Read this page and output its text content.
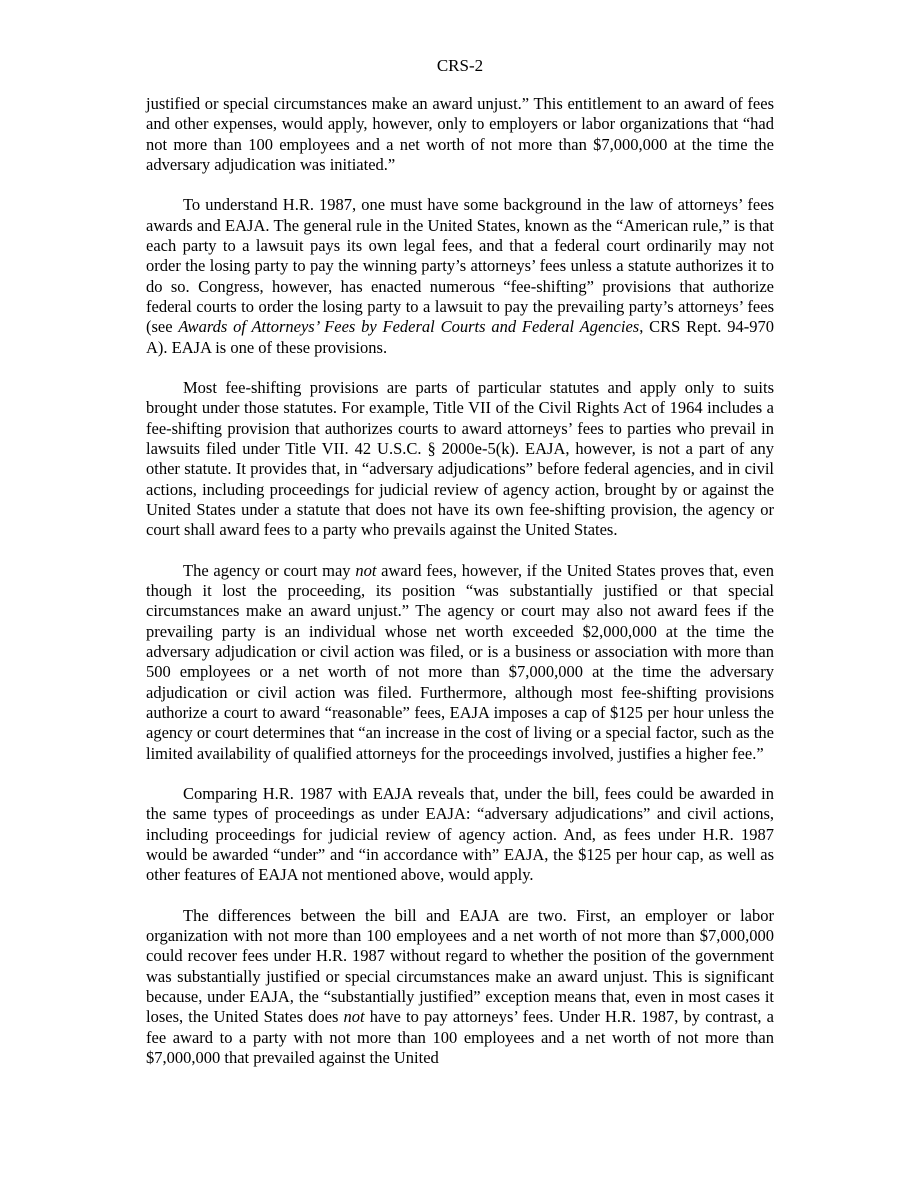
CRS-2

justified or special circumstances make an award unjust.” This entitlement to an award of fees and other expenses, would apply, however, only to employers or labor organizations that “had not more than 100 employees and a net worth of not more than $7,000,000 at the time the adversary adjudication was initiated.”

To understand H.R. 1987, one must have some background in the law of attorneys’ fees awards and EAJA. The general rule in the United States, known as the “American rule,” is that each party to a lawsuit pays its own legal fees, and that a federal court ordinarily may not order the losing party to pay the winning party’s attorneys’ fees unless a statute authorizes it to do so. Congress, however, has enacted numerous “fee-shifting” provisions that authorize federal courts to order the losing party to a lawsuit to pay the prevailing party’s attorneys’ fees (see Awards of Attorneys’ Fees by Federal Courts and Federal Agencies, CRS Rept. 94-970 A). EAJA is one of these provisions.

Most fee-shifting provisions are parts of particular statutes and apply only to suits brought under those statutes. For example, Title VII of the Civil Rights Act of 1964 includes a fee-shifting provision that authorizes courts to award attorneys’ fees to parties who prevail in lawsuits filed under Title VII. 42 U.S.C. § 2000e-5(k). EAJA, however, is not a part of any other statute. It provides that, in “adversary adjudications” before federal agencies, and in civil actions, including proceedings for judicial review of agency action, brought by or against the United States under a statute that does not have its own fee-shifting provision, the agency or court shall award fees to a party who prevails against the United States.

The agency or court may not award fees, however, if the United States proves that, even though it lost the proceeding, its position “was substantially justified or that special circumstances make an award unjust.” The agency or court may also not award fees if the prevailing party is an individual whose net worth exceeded $2,000,000 at the time the adversary adjudication or civil action was filed, or is a business or association with more than 500 employees or a net worth of not more than $7,000,000 at the time the adversary adjudication or civil action was filed. Furthermore, although most fee-shifting provisions authorize a court to award “reasonable” fees, EAJA imposes a cap of $125 per hour unless the agency or court determines that “an increase in the cost of living or a special factor, such as the limited availability of qualified attorneys for the proceedings involved, justifies a higher fee.”

Comparing H.R. 1987 with EAJA reveals that, under the bill, fees could be awarded in the same types of proceedings as under EAJA: “adversary adjudications” and civil actions, including proceedings for judicial review of agency action. And, as fees under H.R. 1987 would be awarded “under” and “in accordance with” EAJA, the $125 per hour cap, as well as other features of EAJA not mentioned above, would apply.

The differences between the bill and EAJA are two. First, an employer or labor organization with not more than 100 employees and a net worth of not more than $7,000,000 could recover fees under H.R. 1987 without regard to whether the position of the government was substantially justified or special circumstances make an award unjust. This is significant because, under EAJA, the “substantially justified” exception means that, even in most cases it loses, the United States does not have to pay attorneys’ fees. Under H.R. 1987, by contrast, a fee award to a party with not more than 100 employees and a net worth of not more than $7,000,000 that prevailed against the United
